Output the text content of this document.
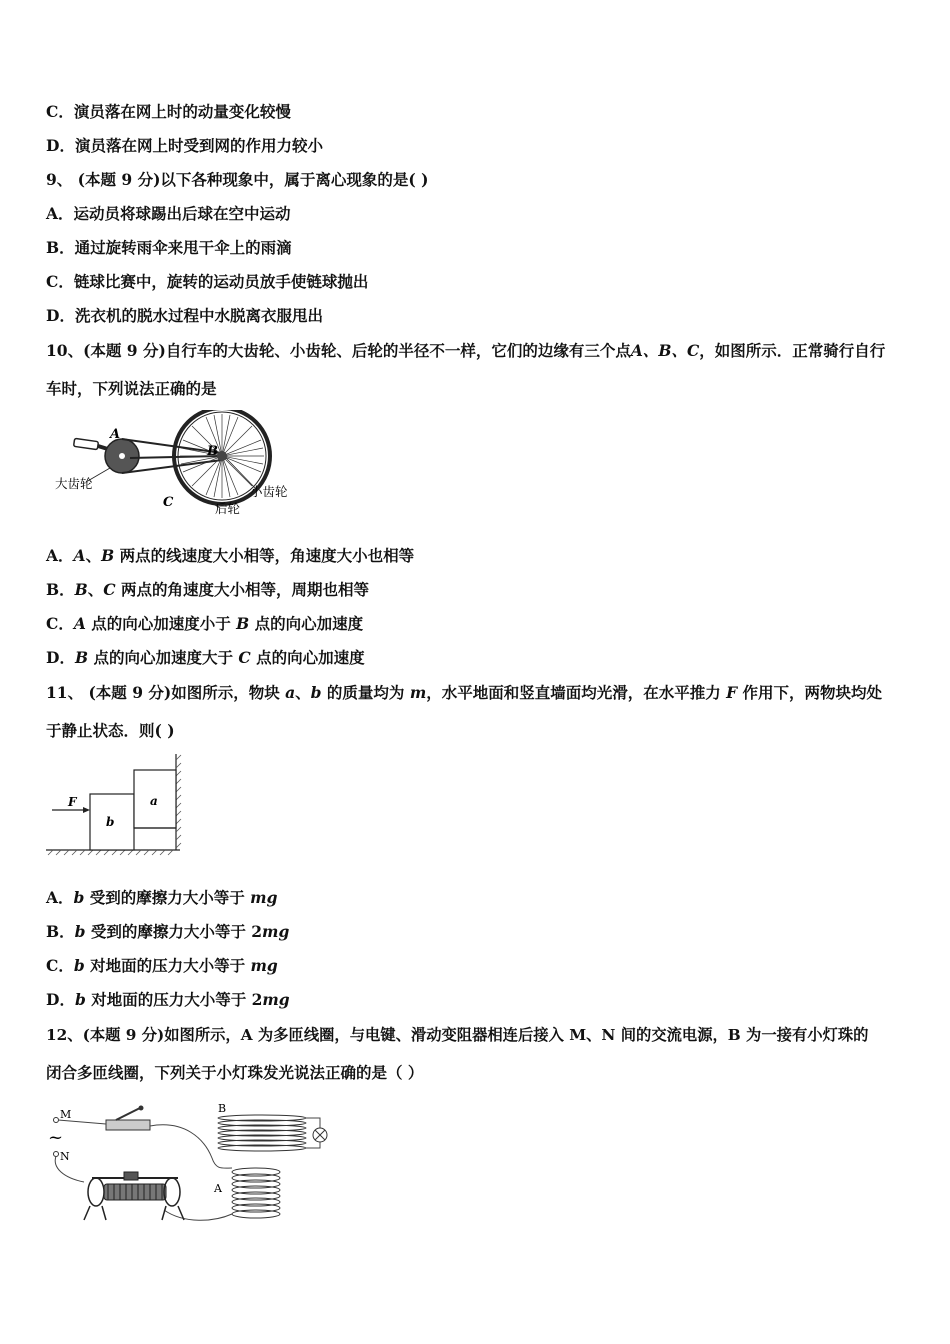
C．演员落在网上时的动量变化较慢
D．演员落在网上时受到网的作用力较小
9、 (本题 9 分)以下各种现象中，属于离心现象的是( )
A．运动员将球踢出后球在空中运动
B．通过旋转雨伞来甩干伞上的雨滴
C．链球比赛中，旋转的运动员放手使链球抛出
D．洗衣机的脱水过程中水脱离衣服甩出
10、(本题 9 分)自行车的大齿轮、小齿轮、后轮的半径不一样，它们的边缘有三个点A、B、C，如图所示．正常骑行自行
车时，下列说法正确的是
A
B
C
大齿轮
小齿轮
后轮
A．A、B 两点的线速度大小相等，角速度大小也相等
B．B、C 两点的角速度大小相等，周期也相等
C．A 点的向心加速度小于 B 点的向心加速度
D．B 点的向心加速度大于 C 点的向心加速度
11、 (本题 9 分)如图所示，物块 a、b 的质量均为 m，水平地面和竖直墙面均光滑，在水平推力 F 作用下，两物块均处
于静止状态．则( )
F
b
a
A．b 受到的摩擦力大小等于 mg
B．b 受到的摩擦力大小等于 2mg
C．b 对地面的压力大小等于 mg
D．b 对地面的压力大小等于 2mg
12、(本题 9 分)如图所示，A 为多匝线圈，与电键、滑动变阻器相连后接入 M、N 间的交流电源，B 为一接有小灯珠的
闭合多匝线圈，下列关于小灯珠发光说法正确的是（ ）
M
N
~
B
A
